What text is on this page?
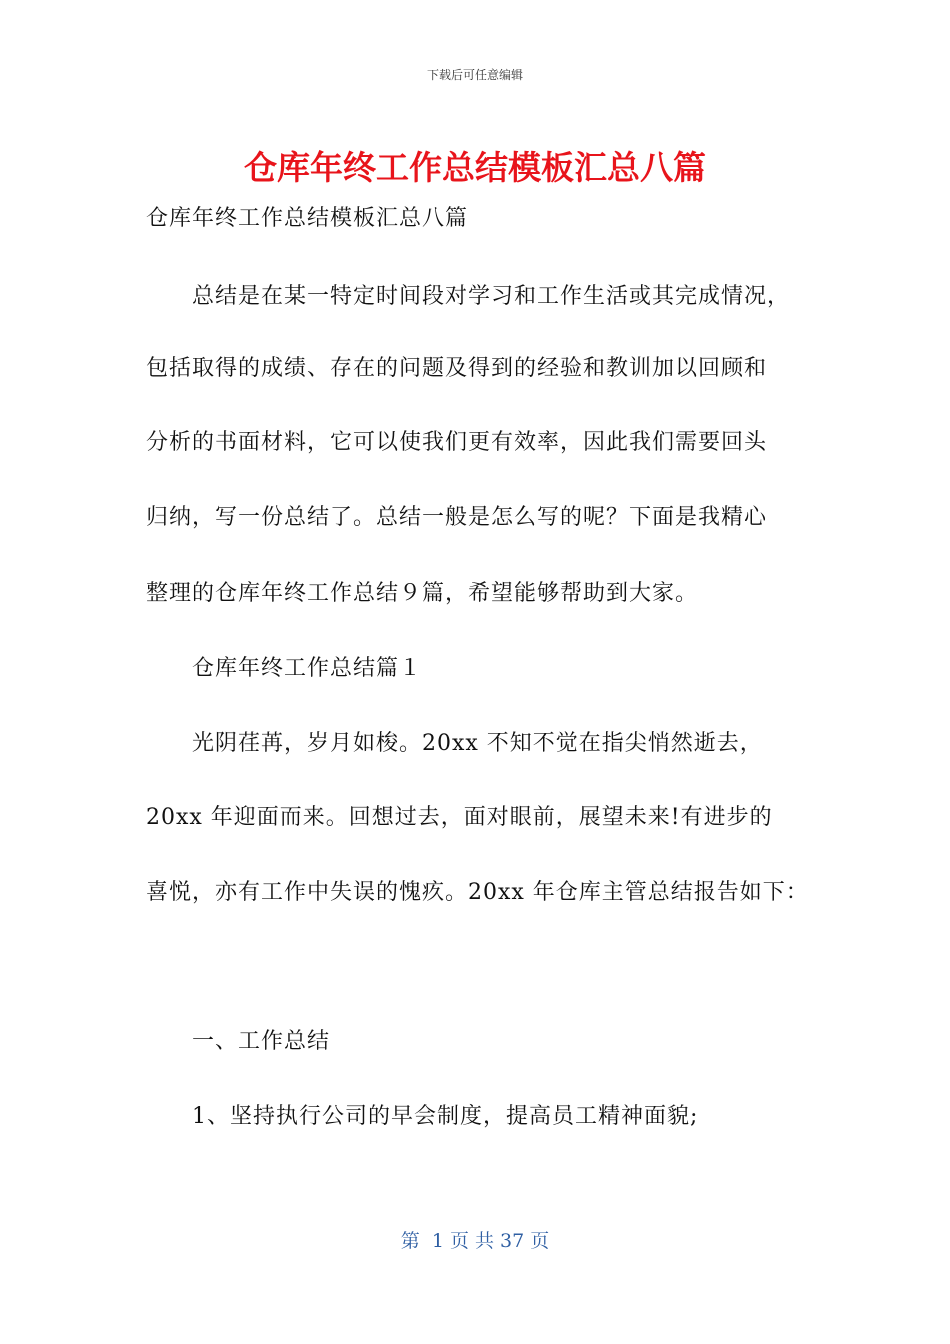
下载后可任意编辑
仓库年终工作总结模板汇总八篇
仓库年终工作总结模板汇总八篇
总结是在某一特定时间段对学习和工作生活或其完成情况，
包括取得的成绩、存在的问题及得到的经验和教训加以回顾和
分析的书面材料，它可以使我们更有效率，因此我们需要回头
归纳，写一份总结了。总结一般是怎么写的呢？下面是我精心
整理的仓库年终工作总结９篇，希望能够帮助到大家。
仓库年终工作总结篇１
光阴荏苒，岁月如梭。20xx 不知不觉在指尖悄然逝去，
20xx 年迎面而来。回想过去，面对眼前，展望未来!有进步的
喜悦，亦有工作中失误的愧疚。20xx 年仓库主管总结报告如下：
一、工作总结
1、坚持执行公司的早会制度，提高员工精神面貌;
第  1 页 共 37 页
